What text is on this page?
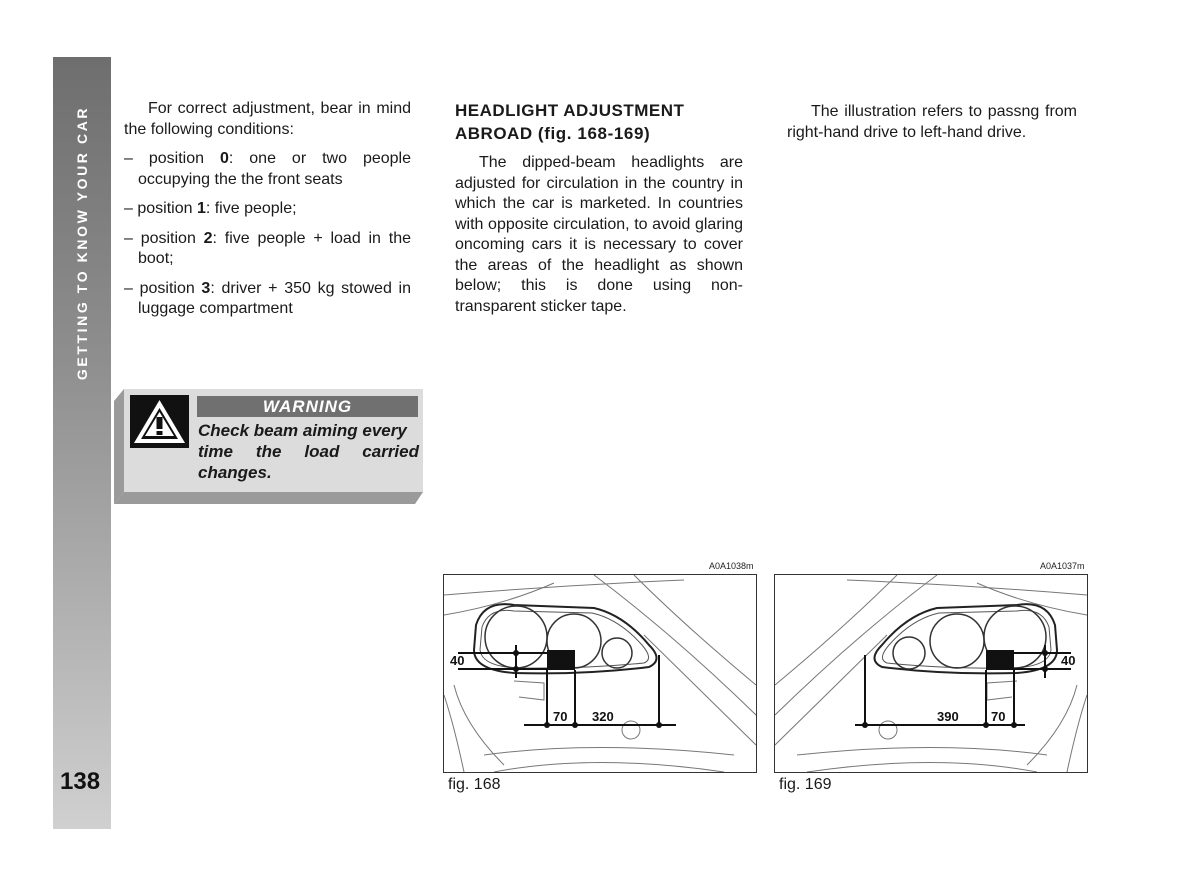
GETTING TO KNOW YOUR CAR
138

For correct adjustment, bear in mind the following conditions:

– position 0: one or two people occupying the the front seats
– position 1: five people;
– position 2: five people + load in the boot;
– position 3: driver + 350 kg stowed in luggage compartment
WARNING
Check beam aiming every
time the load carried changes.
HEADLIGHT ADJUSTMENT
ABROAD (fig. 168-169)

The dipped-beam headlights are adjusted for circulation in the country in which the car is marketed. In countries with opposite circulation, to avoid glaring oncoming cars it is necessary to cover the areas of the headlight as shown below; this is done using non-transparent sticker tape.

The illustration refers to passng from right-hand drive to left-hand drive.

A0A1038m
40
70 320
fig. 168
A0A1037m
40
70
390
fig. 169
